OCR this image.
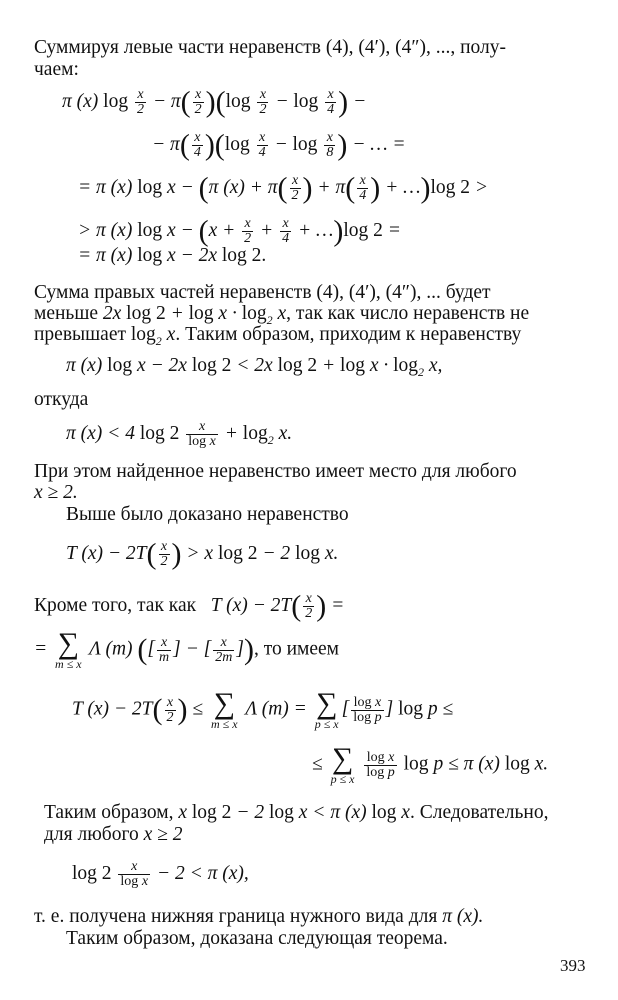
Суммируя левые части неравенств (4), (4′), (4″), ..., полу-
чаем:
π (x) $\log \frac{x}{2} - \pi( \frac{x}{2} )(\log \frac{x}{2} - \log \frac{x}{4}$ ) −
− $\pi( \frac{x}{4} )(\log \frac{x}{4} - \log \frac{x}{8}$ ) − … =
= π (x) log x − (π $(x) + \pi( \frac{x}{2}$ ) + $\pi( \frac{x}{4}$ ) + …)log 2 >
> π (x) $\log x - (x + \frac{x}{2} + \frac{x}{4}$ + …)log 2 =
= π (x) log x − 2x log 2.
Сумма правых частей неравенств (4), (4′), (4″), ... будет
меньше 2x $\log 2 + \log x \cdot \log_2 x$, так как число неравенств не
превышает $\log_2 x$. Таким образом, приходим к неравенству
π (x) log x − 2x log 2 < 2x $\log 2 + \log x \cdot \log_2 x$,
откуда
π (x) < 4 $\log 2 \frac{x}{\text{log x}} + \log_2 x$.
При этом найденное неравенство имеет место для любого
x ≥ 2.
Выше было доказано неравенство
T $(x) - 2T( \frac{x}{2}$ ) > x log 2 − 2 log x.
Кроме того, так как   T $(x) - 2T( \frac{x}{2}$ ) =
= ∑
m ≤ x
Λ (m) ([ $\frac{x}{m}$ ] − [ $\frac{x}{2m}$ ]), то имеем
T $(x) - 2T( \frac{x}{2}$ ) ≤ ∑
m ≤ x
Λ (m) = ∑
p ≤ x
[ $\frac{\text{log x}}{\text{log p}}$ ] log p ≤
≤ ∑
p ≤ x
$\frac{\text{log x}}{\text{log p}}$ log p ≤ π (x) log x.
Таким образом, x log 2 − 2 log x < π (x) log x. Следовательно,
для любого x ≥ 2
$\log 2 \frac{x}{\text{log x}} - 2 < \pi$ (x),
т. е. получена нижняя граница нужного вида для π (x).
Таким образом, доказана следующая теорема.
393
